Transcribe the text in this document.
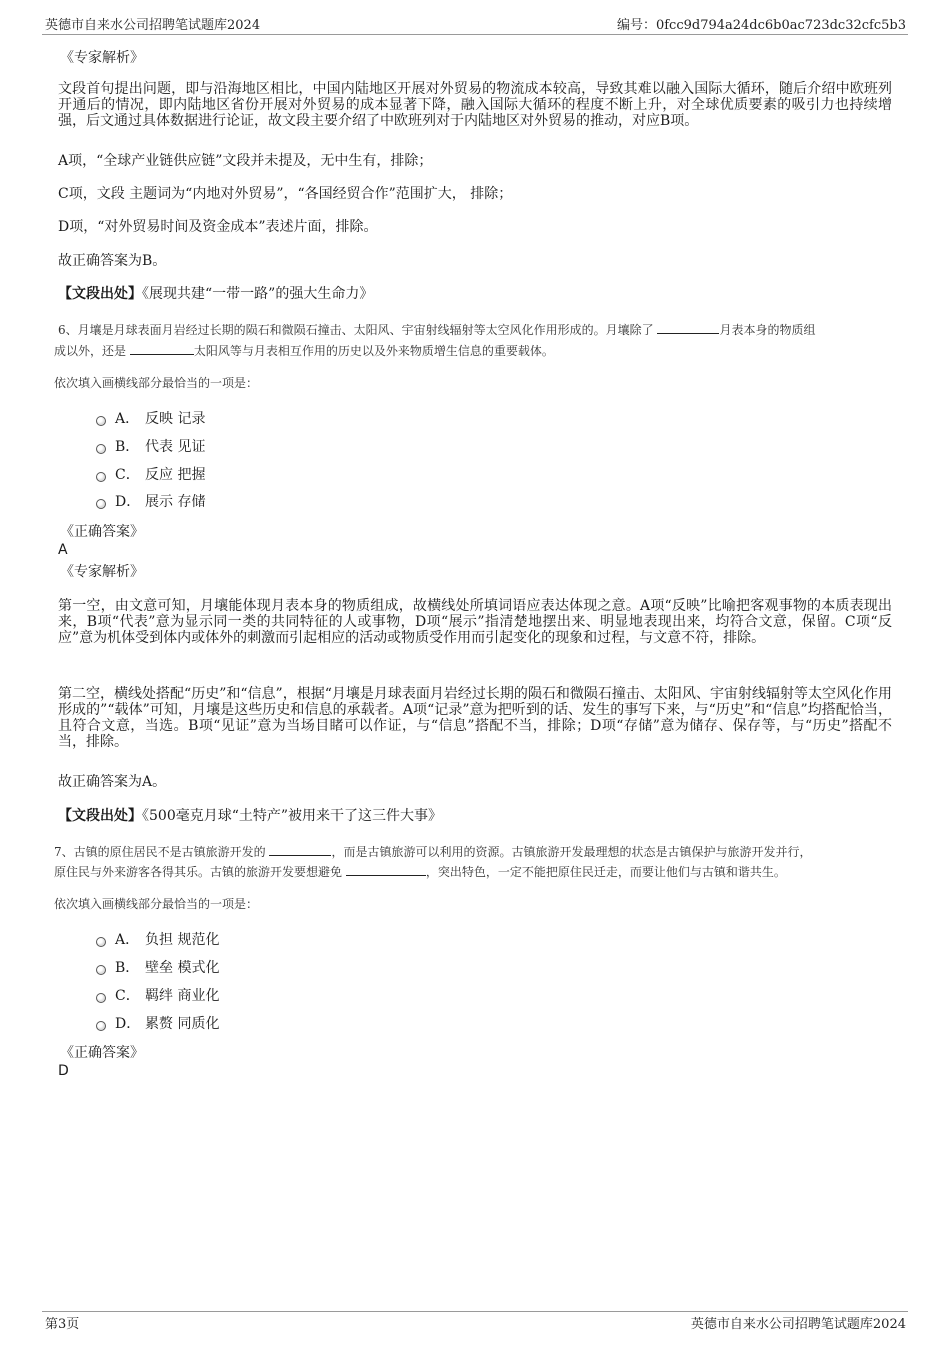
英德市自来水公司招聘笔试题库2024	编号：0fcc9d794a24dc6b0ac723dc32cfc5b3
《专家解析》
文段首句提出问题，即与沿海地区相比，中国内陆地区开展对外贸易的物流成本较高，导致其难以融入国际大循环，随后介绍中欧班列开通后的情况，即内陆地区省份开展对外贸易的成本显著下降，融入国际大循环的程度不断上升，对全球优质要素的吸引力也持续增强，后文通过具体数据进行论证，故文段主要介绍了中欧班列对于内陆地区对外贸易的推动，对应B项。
A项，“全球产业链供应链”文段并未提及，无中生有，排除；
C项，文段 主题词为“内地对外贸易”，“各国经贸合作”范围扩大， 排除；
D项，“对外贸易时间及资金成本”表述片面，排除。
故正确答案为B。
【文段出处】《展现共建“一带一路”的强大生命力》
6、月壤是月球表面月岩经过长期的陨石和微陨石撞击、太阳风、宇宙射线辐射等太空风化作用形成的。月壤除了	月表本身的物质组
成以外，还是	太阳风等与月表相互作用的历史以及外来物质增生信息的重要载体。
依次填入画横线部分最恰当的一项是：
A． 反映 记录
B． 代表 见证
C． 反应 把握
D． 展示 存储
《正确答案》
A
《专家解析》
第一空，由文意可知，月壤能体现月表本身的物质组成，故横线处所填词语应表达体现之意。A项“反映”比喻把客观事物的本质表现出来，B项“代表”意为显示同一类的共同特征的人或事物，D项“展示”指清楚地摆出来、明显地表现出来，均符合文意，保留。C项“反应”意为机体受到体内或体外的刺激而引起相应的活动或物质受作用而引起变化的现象和过程，与文意不符，排除。
第二空，横线处搭配“历史”和“信息”，根据“月壤是月球表面月岩经过长期的陨石和微陨石撞击、太阳风、宇宙射线辐射等太空风化作用形成的”“载体”可知，月壤是这些历史和信息的承载者。A项“记录”意为把听到的话、发生的事写下来，与“历史”和“信息”均搭配恰当，且符合文意，当选。B项“见证”意为当场目睹可以作证，与“信息”搭配不当，排除；D项“存储”意为储存、保存等，与“历史”搭配不当，排除。
故正确答案为A。
【文段出处】《500毫克月球“土特产”被用来干了这三件大事》
7、古镇的原住居民不是古镇旅游开发的	，而是古镇旅游可以利用的资源。古镇旅游开发最理想的状态是古镇保护与旅游开发并行，
原住民与外来游客各得其乐。古镇的旅游开发要想避免	，突出特色，一定不能把原住民迁走，而要让他们与古镇和谐共生。
依次填入画横线部分最恰当的一项是：
A． 负担 规范化
B． 壁垒 模式化
C． 羁绊 商业化
D． 累赘 同质化
《正确答案》
D
第3页	英德市自来水公司招聘笔试题库2024
